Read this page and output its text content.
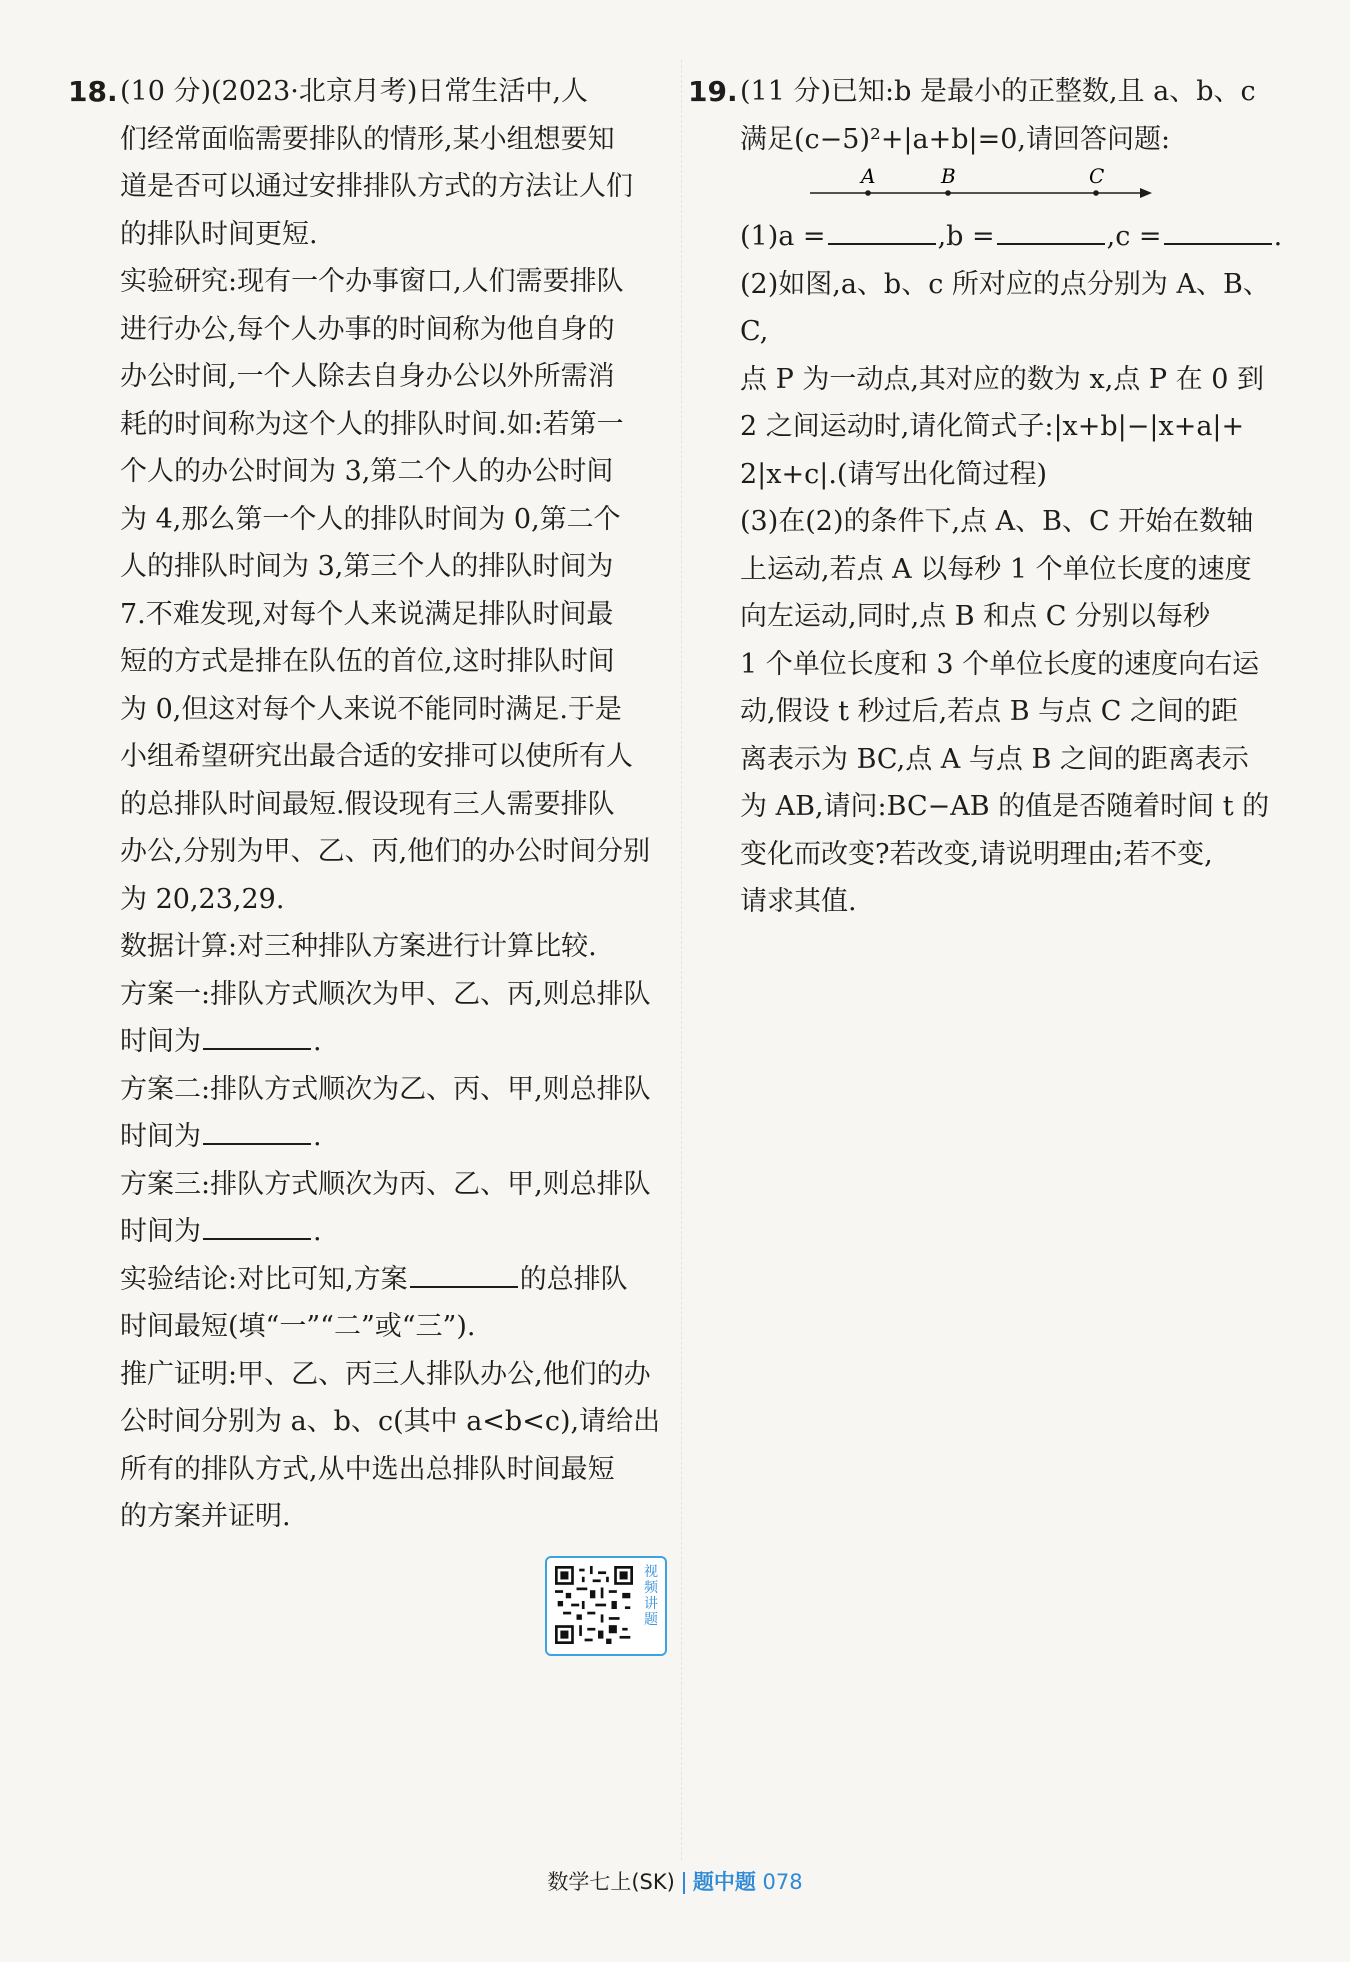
18. (10 分)(2023·北京月考)日常生活中,人

们经常面临需要排队的情形,某小组想要知

道是否可以通过安排排队方式的方法让人们

的排队时间更短.

实验研究:现有一个办事窗口,人们需要排队

进行办公,每个人办事的时间称为他自身的

办公时间,一个人除去自身办公以外所需消

耗的时间称为这个人的排队时间.如:若第一

个人的办公时间为 3,第二个人的办公时间

为 4,那么第一个人的排队时间为 0,第二个

人的排队时间为 3,第三个人的排队时间为

7.不难发现,对每个人来说满足排队时间最

短的方式是排在队伍的首位,这时排队时间

为 0,但这对每个人来说不能同时满足.于是

小组希望研究出最合适的安排可以使所有人

的总排队时间最短.假设现有三人需要排队

办公,分别为甲、乙、丙,他们的办公时间分别

为 20,23,29.

数据计算:对三种排队方案进行计算比较.

方案一:排队方式顺次为甲、乙、丙,则总排队

时间为	.

方案二:排队方式顺次为乙、丙、甲,则总排队

时间为	.

方案三:排队方式顺次为丙、乙、甲,则总排队

时间为	.

实验结论:对比可知,方案	的总排队

时间最短(填“一”“二”或“三”).

推广证明:甲、乙、丙三人排队办公,他们的办

公时间分别为 a、b、c(其中 a<b<c),请给出

所有的排队方式,从中选出总排队时间最短

的方案并证明.

视频讲题
19. (11 分)已知:b 是最小的正整数,且 a、b、c

满足(c−5)²+|a+b|=0,请回答问题:

A	B	C

(1)a =	,b =	,c =	.

(2)如图,a、b、c 所对应的点分别为 A、B、C,

点 P 为一动点,其对应的数为 x,点 P 在 0 到

2 之间运动时,请化简式子:|x+b|−|x+a|+

2|x+c|.(请写出化简过程)

(3)在(2)的条件下,点 A、B、C 开始在数轴

上运动,若点 A 以每秒 1 个单位长度的速度

向左运动,同时,点 B 和点 C 分别以每秒

1 个单位长度和 3 个单位长度的速度向右运

动,假设 t 秒过后,若点 B 与点 C 之间的距

离表示为 BC,点 A 与点 B 之间的距离表示

为 AB,请问:BC−AB 的值是否随着时间 t 的

变化而改变?若改变,请说明理由;若不变,

请求其值.

数学七上(SK) 题中题 078
